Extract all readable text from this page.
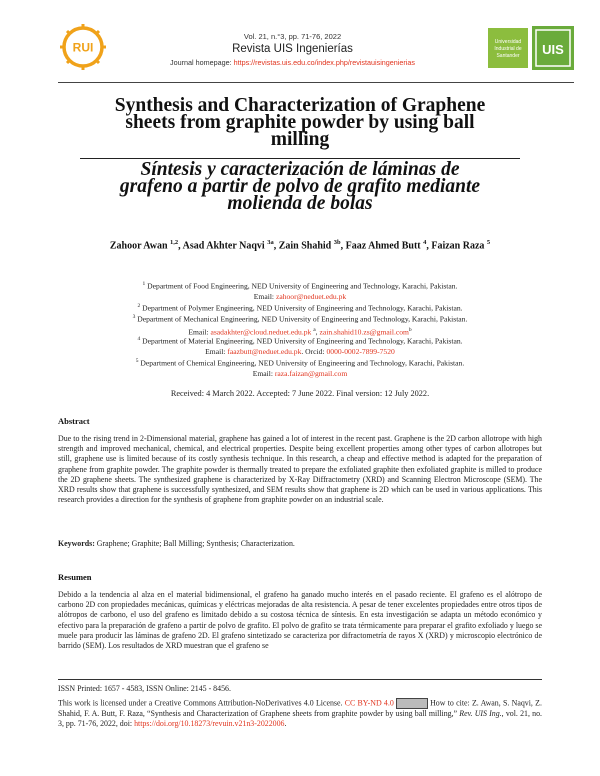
RUI
Vol. 21, n.°3, pp. 71-76, 2022
Revista UIS Ingenierías
Journal homepage: https://revistas.uis.edu.co/index.php/revistauisingenierias
Universidad
Industrial de
Santander	UIS
Synthesis and Characterization of Graphene
sheets from graphite powder by using ball
milling
Síntesis y caracterización de láminas de
grafeno a partir de polvo de grafito mediante
molienda de bolas
Zahoor Awan $^{1,2}$, Asad Akhter Naqvi $^{3a}$, Zain Shahid $^{3b}$, Faaz Ahmed Butt $^4$, Faizan Raza $^5$
$^1$ Department of Food Engineering, NED University of Engineering and Technology, Karachi, Pakistan.
Email: zahoor@neduet.edu.pk
$^2$ Department of Polymer Engineering, NED University of Engineering and Technology, Karachi, Pakistan.
$^3$ Department of Mechanical Engineering, NED University of Engineering and Technology, Karachi, Pakistan.
Email: asadakhter@cloud.neduet.edu.pk $^a$, zain.shahid10.zs@gmail.com$^b$
$^4$ Department of Material Engineering, NED University of Engineering and Technology, Karachi, Pakistan.
Email: faazbutt@neduet.edu.pk. Orcid: 0000-0002-7899-7520
$^5$ Department of Chemical Engineering, NED University of Engineering and Technology, Karachi, Pakistan.
Email: raza.faizan@gmail.com
Received: 4 March 2022. Accepted: 7 June 2022. Final version: 12 July 2022.
Abstract
Due to the rising trend in 2-Dimensional material, graphene has gained a lot of interest in the recent past. Graphene is the 2D carbon allotrope with high strength and improved mechanical, chemical, and electrical properties. Despite being excellent properties among other types of carbon allotropes but still, graphene use is limited because of its costly synthesis technique. In this research, a cheap and effective method is adapted for the preparation of graphene from graphite powder. The graphite powder is thermally treated to prepare the exfoliated graphite then exfoliated graphite is milled to produce the 2D graphene sheets. The synthesized graphene is characterized by X-Ray Diffractometry (XRD) and Scanning Electron Microscope (SEM). The XRD results show that graphene is successfully synthesized, and SEM results show that graphene is 2D which can be used in various applications. This research provides a direction for the synthesis of graphene from graphite powder on an industrial scale.
Keywords: Graphene; Graphite; Ball Milling; Synthesis; Characterization.
Resumen
Debido a la tendencia al alza en el material bidimensional, el grafeno ha ganado mucho interés en el pasado reciente. El grafeno es el alótropo de carbono 2D con propiedades mecánicas, químicas y eléctricas mejoradas de alta resistencia. A pesar de tener excelentes propiedades entre otros tipos de alótropos de carbono, el uso del grafeno es limitado debido a su costosa técnica de síntesis. En esta investigación se adapta un método económico y efectivo para la preparación de grafeno a partir de polvo de grafito. El polvo de grafito se trata térmicamente para preparar el grafito exfoliado y luego se muele para producir las láminas de grafeno 2D. El grafeno sintetizado se caracteriza por difractometría de rayos X (XRD) y microscopio electrónico de barrido (SEM). Los resultados de XRD muestran que el grafeno se
ISSN Printed: 1657 - 4583, ISSN Online: 2145 - 8456.
This work is licensed under a Creative Commons Attribution-NoDerivatives 4.0 License. CC BY-ND 4.0	How to cite: Z. Awan, S. Naqvi, Z. Shahid, F. A. Butt, F. Raza, “Synthesis and Characterization of Graphene sheets from graphite powder by using ball milling,” Rev. UIS Ing., vol. 21, no. 3, pp. 71-76, 2022, doi: https://doi.org/10.18273/revuin.v21n3-2022006.
